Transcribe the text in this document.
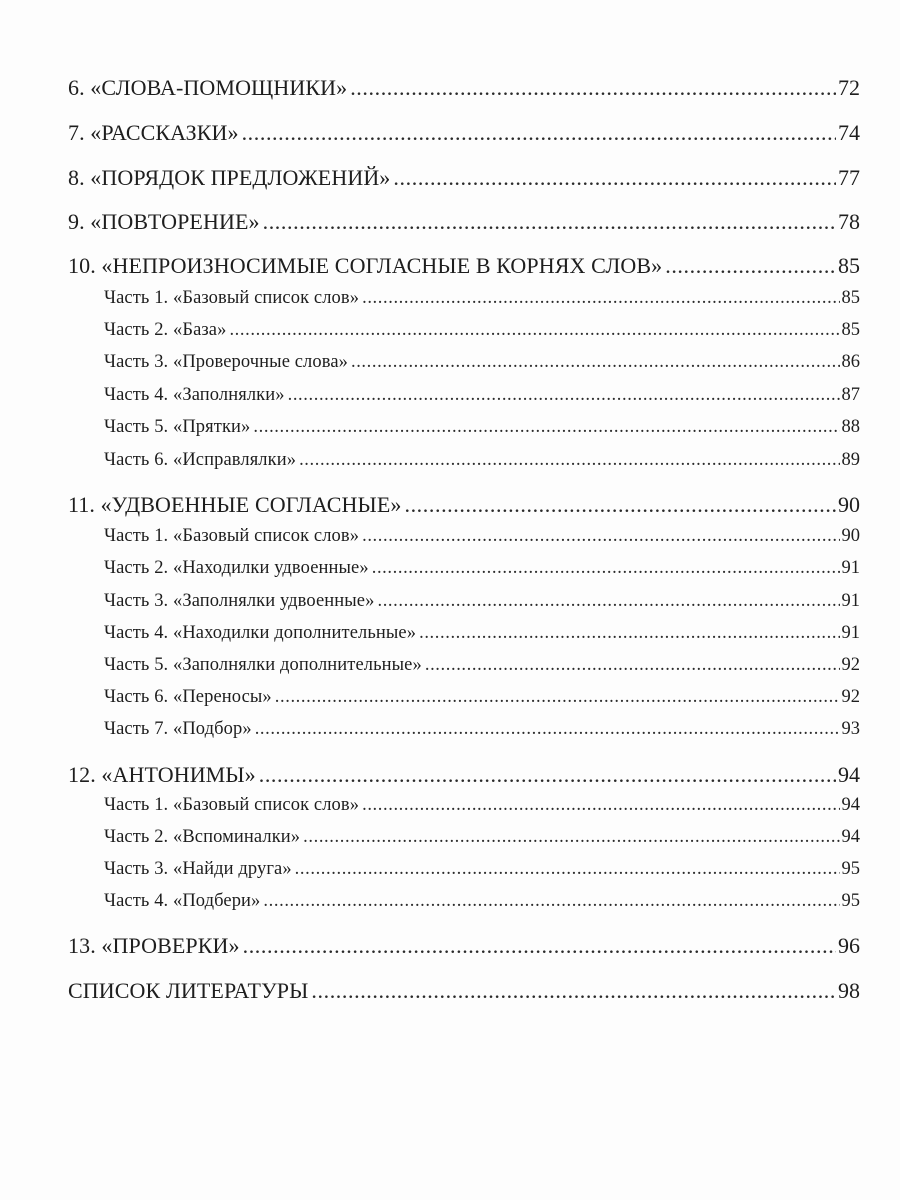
6. «СЛОВА-ПОМОЩНИКИ» .....	72
7. «РАССКАЗКИ» .....	74
8. «ПОРЯДОК ПРЕДЛОЖЕНИЙ» .....	77
9. «ПОВТОРЕНИЕ» .....	78
10. «НЕПРОИЗНОСИМЫЕ СОГЛАСНЫЕ В КОРНЯХ СЛОВ» .....	85
Часть 1. «Базовый список слов» .....	85
Часть 2. «База» .....	85
Часть 3. «Проверочные слова» .....	86
Часть 4. «Заполнялки» .....	87
Часть 5. «Прятки» .....	88
Часть 6. «Исправлялки» .....	89
11. «УДВОЕННЫЕ СОГЛАСНЫЕ» .....	90
Часть 1. «Базовый список слов» .....	90
Часть 2. «Находилки удвоенные» .....	91
Часть 3. «Заполнялки удвоенные» .....	91
Часть 4. «Находилки дополнительные» .....	91
Часть 5. «Заполнялки дополнительные» .....	92
Часть 6. «Переносы» .....	92
Часть 7. «Подбор» .....	93
12. «АНТОНИМЫ» .....	94
Часть 1. «Базовый список слов» .....	94
Часть 2. «Вспоминалки» .....	94
Часть 3. «Найди друга» .....	95
Часть 4. «Подбери» .....	95
13. «ПРОВЕРКИ» .....	96
СПИСОК ЛИТЕРАТУРЫ .....	98
